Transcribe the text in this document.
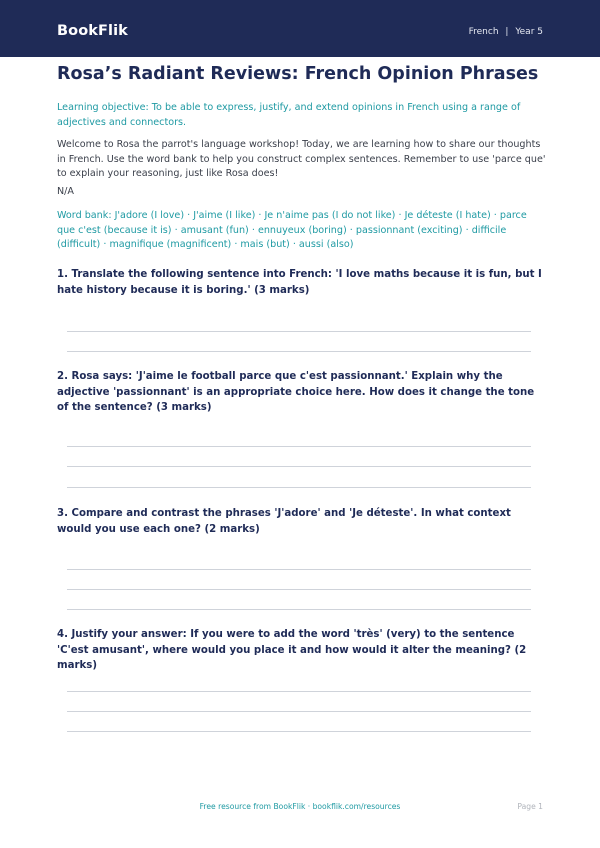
BookFlik	French | Year 5
Rosa’s Radiant Reviews: French Opinion Phrases

Learning objective: To be able to express, justify, and extend opinions in French using a range of adjectives and connectors.

Welcome to Rosa the parrot's language workshop! Today, we are learning how to share our thoughts in French. Use the word bank to help you construct complex sentences. Remember to use 'parce que' to explain your reasoning, just like Rosa does!

N/A

Word bank: J'adore (I love) · J'aime (I like) · Je n'aime pas (I do not like) · Je déteste (I hate) · parce que c'est (because it is) · amusant (fun) · ennuyeux (boring) · passionnant (exciting) · difficile (difficult) · magnifique (magnificent) · mais (but) · aussi (also)

1. Translate the following sentence into French: 'I love maths because it is fun, but I hate history because it is boring.' (3 marks)

2. Rosa says: 'J'aime le football parce que c'est passionnant.' Explain why the adjective 'passionnant' is an appropriate choice here. How does it change the tone of the sentence? (3 marks)

3. Compare and contrast the phrases 'J'adore' and 'Je déteste'. In what context would you use each one? (2 marks)

4. Justify your answer: If you were to add the word 'très' (very) to the sentence 'C'est amusant', where would you place it and how would it alter the meaning? (2 marks)

Free resource from BookFlik · bookflik.com/resources	Page 1
